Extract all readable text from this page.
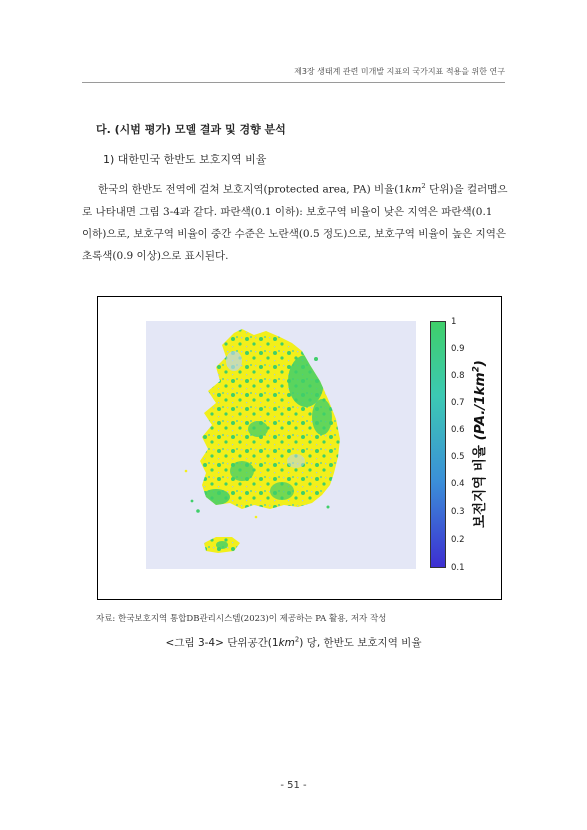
제3장 생태계 관련 미개발 지표의 국가지표 적용을 위한 연구
다. (시범 평가) 모델 결과 및 경향 분석
1) 대한민국 한반도 보호지역 비율
한국의 한반도 전역에 걸쳐 보호지역(protected area, PA) 비율($1km^2$ 단위)을 컬러맵으
로 나타내면 그림 3-4과 같다. 파란색(0.1 이하): 보호구역 비율이 낮은 지역은 파란색(0.1
이하)으로, 보호구역 비율이 중간 수준은 노란색(0.5 정도)으로, 보호구역 비율이 높은 지역은
초록색(0.9 이상)으로 표시된다.
1
0.9
0.8
0.7
0.6
0.5
0.4
0.3
0.2
0.1
보전지역 비율 $(PA./1km^2)$
자료: 한국보호지역 통합DB관리시스템(2023)이 제공하는 PA 활용, 저자 작성
<그림 3-4> 단위공간$(1km^2)$ 당, 한반도 보호지역 비율
- 51 -
